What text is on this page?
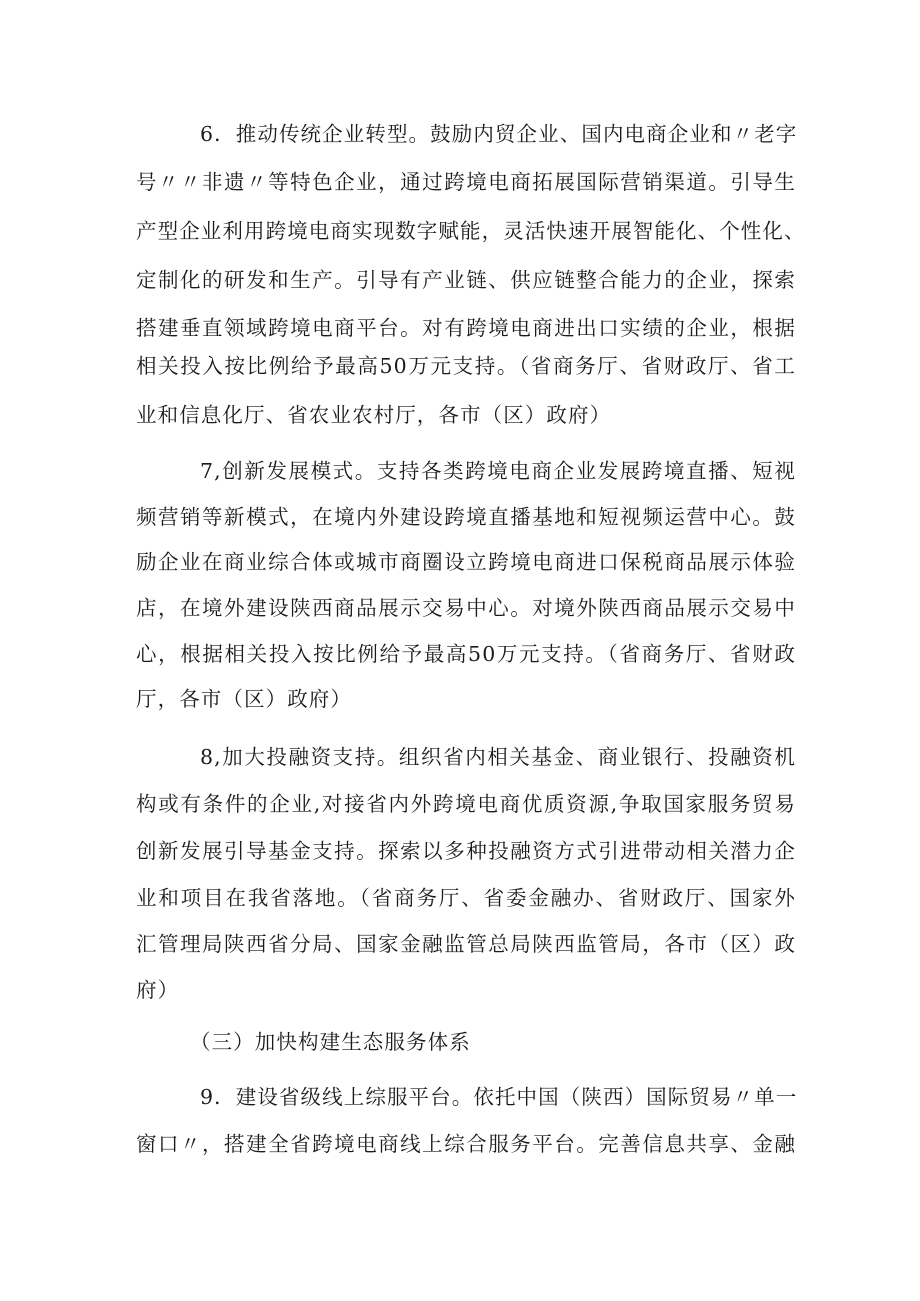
6．推动传统企业转型。鼓励内贸企业、国内电商企业和〃老字
号〃〃非遗〃等特色企业，通过跨境电商拓展国际营销渠道。引导生
产型企业利用跨境电商实现数字赋能，灵活快速开展智能化、个性化、
定制化的研发和生产。引导有产业链、供应链整合能力的企业，探索
搭建垂直领域跨境电商平台。对有跨境电商进出口实绩的企业，根据
相关投入按比例给予最高50万元支持。（省商务厅、省财政厅、省工
业和信息化厅、省农业农村厅，各市（区）政府）
7,创新发展模式。支持各类跨境电商企业发展跨境直播、短视
频营销等新模式，在境内外建设跨境直播基地和短视频运营中心。鼓
励企业在商业综合体或城市商圈设立跨境电商进口保税商品展示体验
店，在境外建设陕西商品展示交易中心。对境外陕西商品展示交易中
心，根据相关投入按比例给予最高50万元支持。（省商务厅、省财政
厅，各市（区）政府）
8,加大投融资支持。组织省内相关基金、商业银行、投融资机
构或有条件的企业,对接省内外跨境电商优质资源,争取国家服务贸易
创新发展引导基金支持。探索以多种投融资方式引进带动相关潜力企
业和项目在我省落地。（省商务厅、省委金融办、省财政厅、国家外
汇管理局陕西省分局、国家金融监管总局陕西监管局，各市（区）政
府）
（三）加快构建生态服务体系
9．建设省级线上综服平台。依托中国（陕西）国际贸易〃单一
窗口〃，搭建全省跨境电商线上综合服务平台。完善信息共享、金融
